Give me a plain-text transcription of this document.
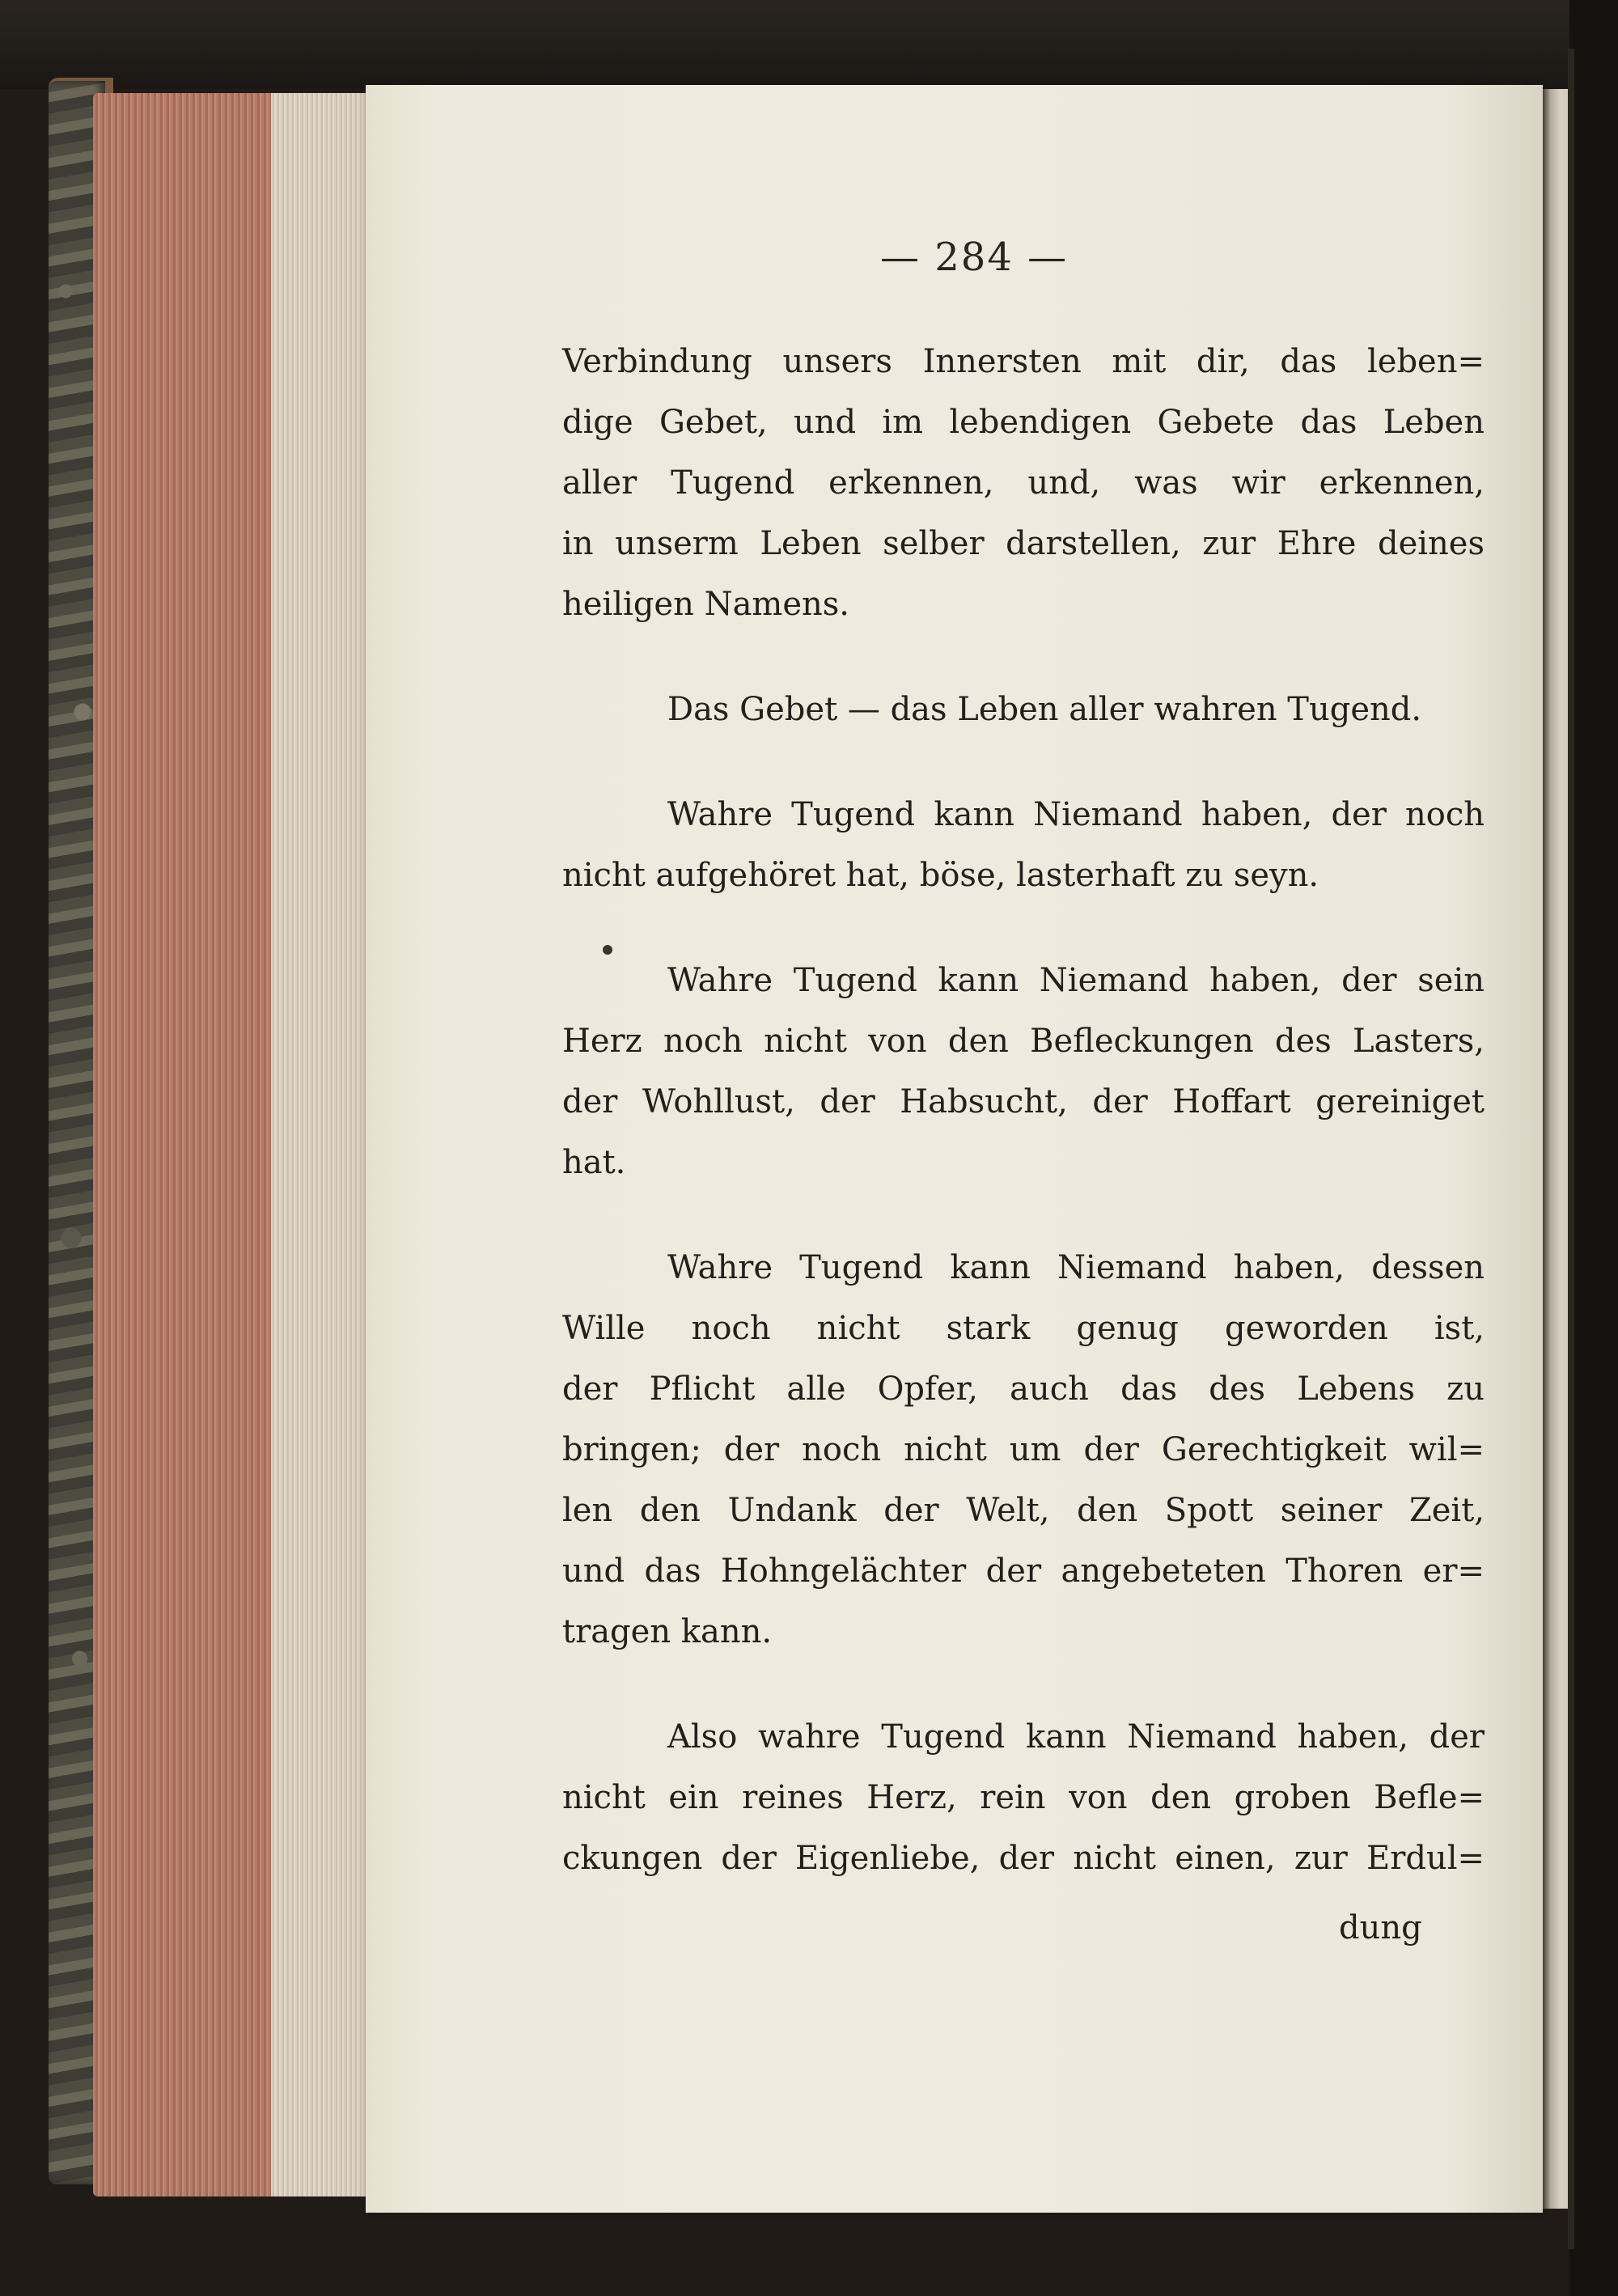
— 284 —
Verbindung unsers Innersten mit dir, das leben=
dige Gebet, und im lebendigen Gebete das Leben
aller Tugend erkennen, und, was wir erkennen,
in unserm Leben selber darstellen, zur Ehre deines
heiligen Namens.
Das Gebet — das Leben aller wahren Tugend.
Wahre Tugend kann Niemand haben, der noch
nicht aufgehöret hat, böse, lasterhaft zu seyn.
Wahre Tugend kann Niemand haben, der sein
Herz noch nicht von den Befleckungen des Lasters,
der Wohllust, der Habsucht, der Hoffart gereiniget
hat.
Wahre Tugend kann Niemand haben, dessen
Wille noch nicht stark genug geworden ist,
der Pflicht alle Opfer, auch das des Lebens zu
bringen; der noch nicht um der Gerechtigkeit wil=
len den Undank der Welt, den Spott seiner Zeit,
und das Hohngelächter der angebeteten Thoren er=
tragen kann.
Also wahre Tugend kann Niemand haben, der
nicht ein reines Herz, rein von den groben Befle=
ckungen der Eigenliebe, der nicht einen, zur Erdul=
dung
